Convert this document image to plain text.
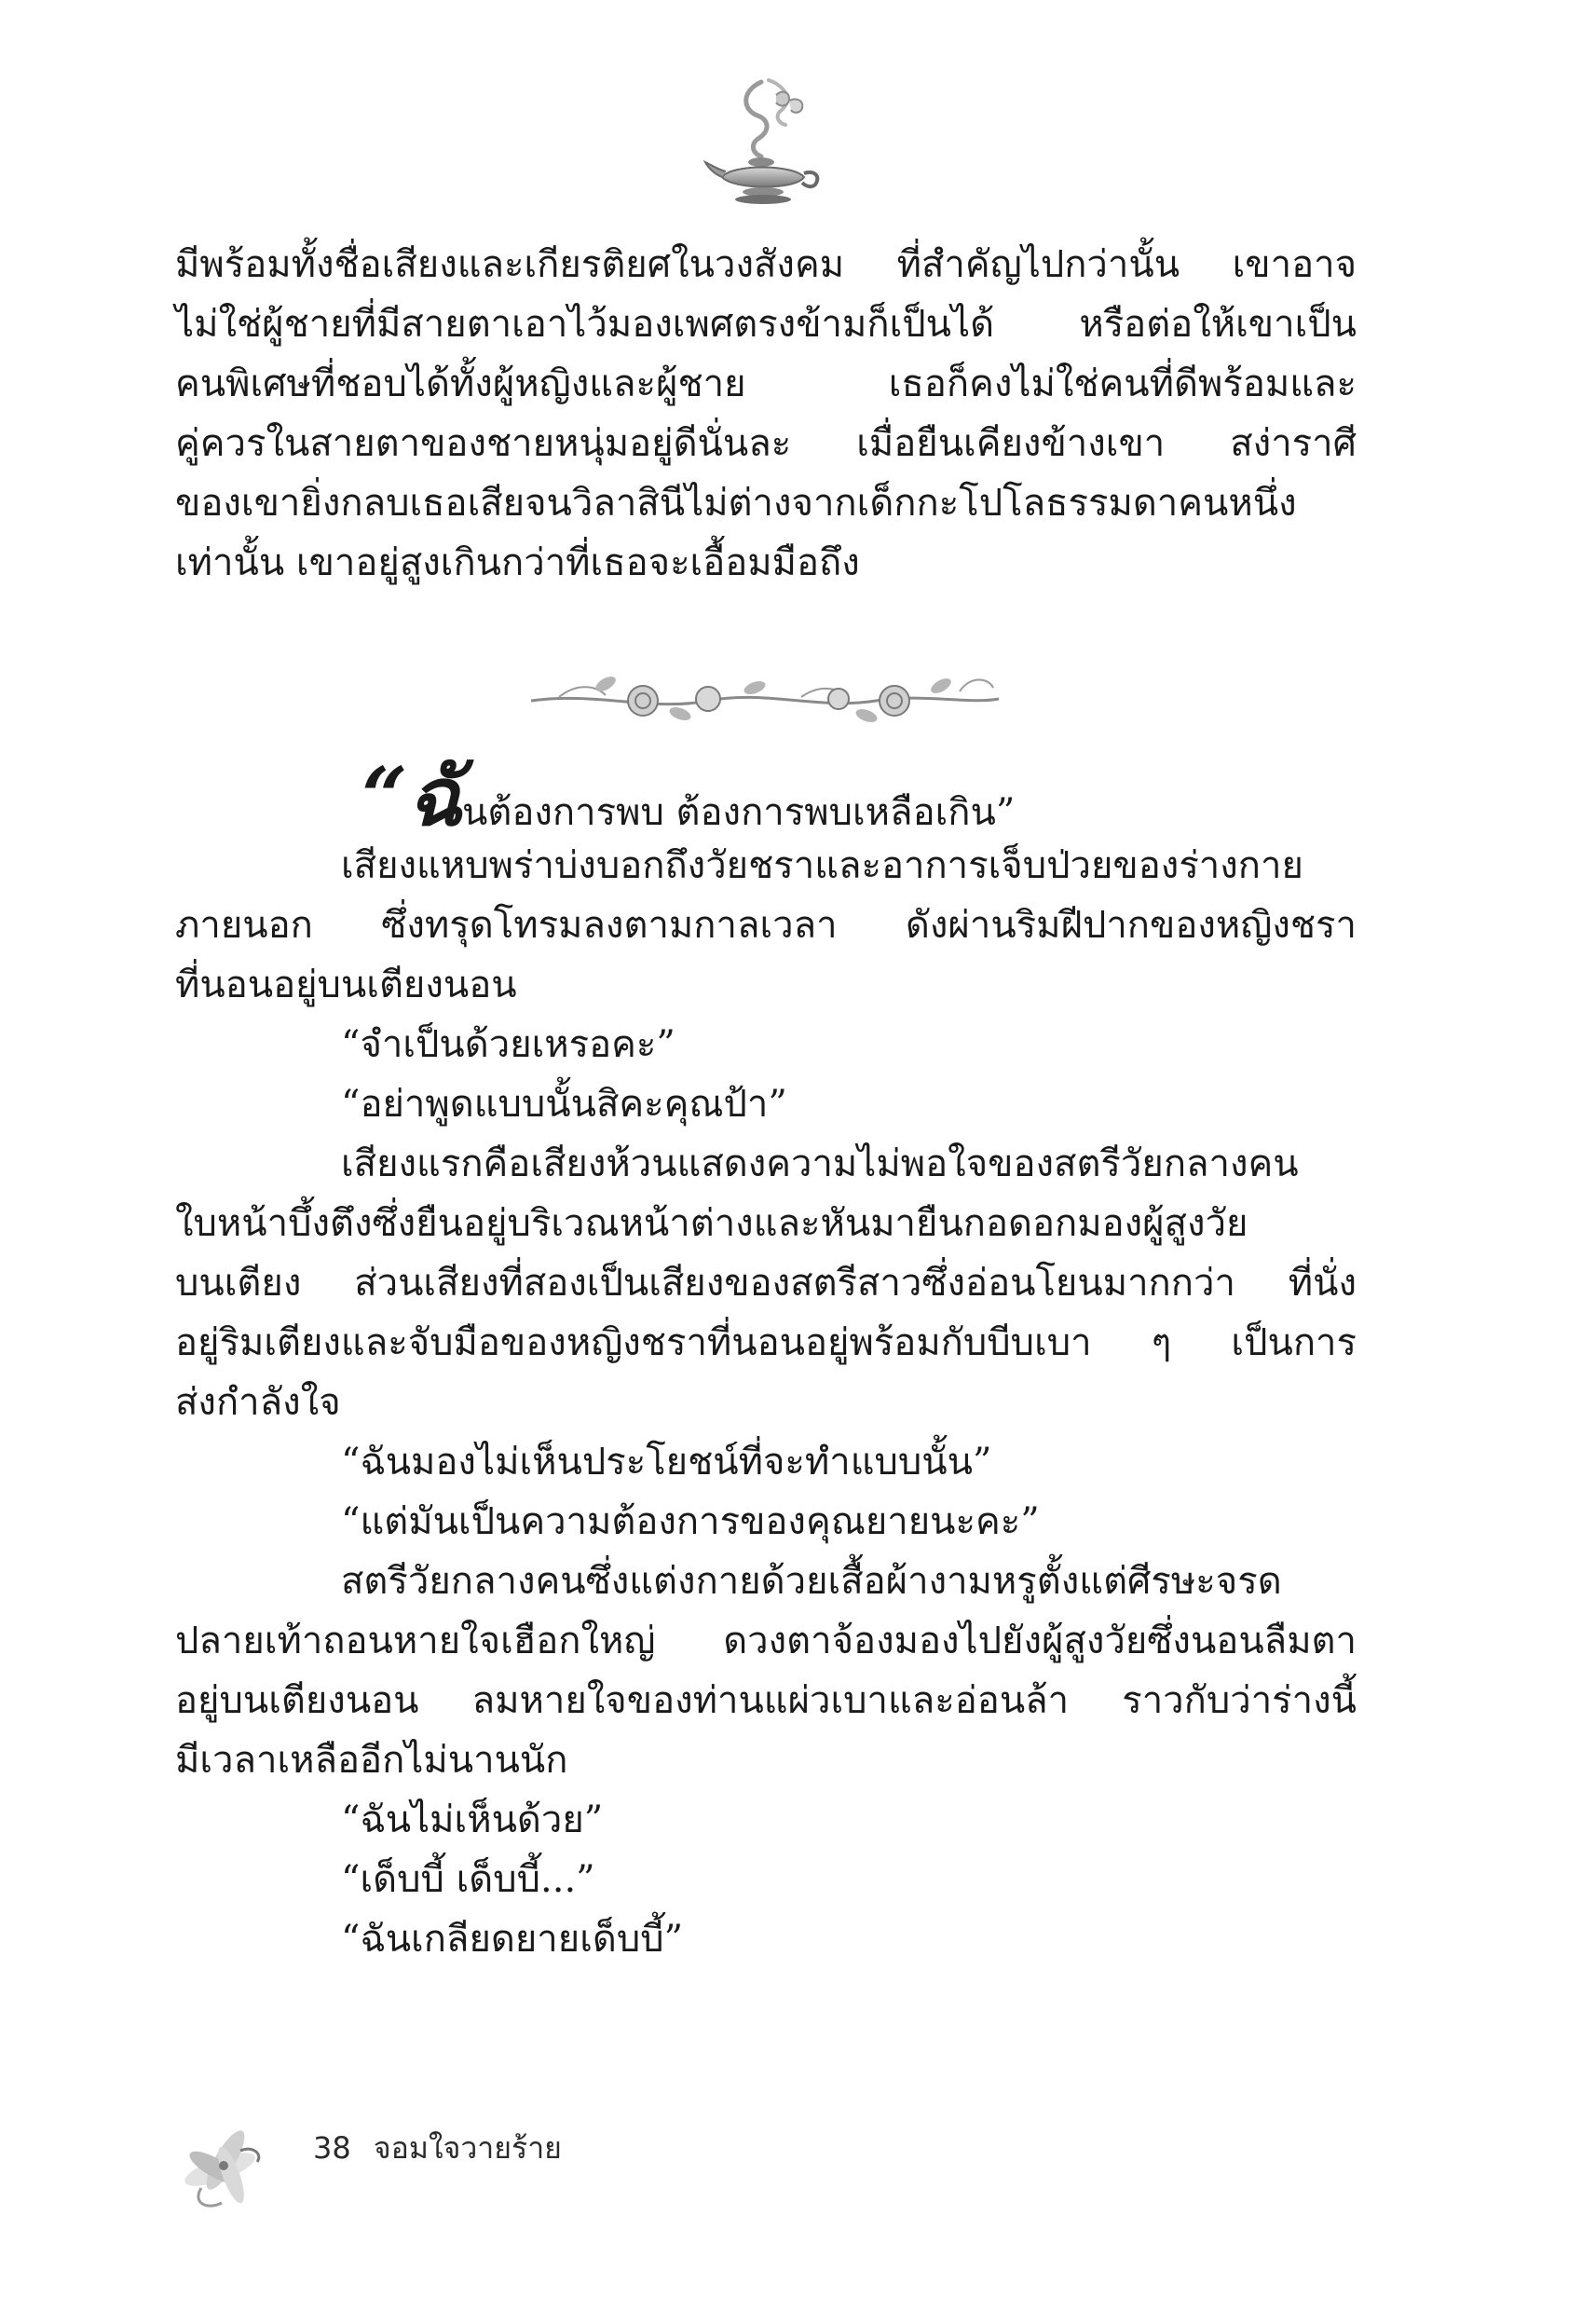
มีพร้อมทั้งชื่อเสียงและเกียรติยศในวงสังคม ที่สำคัญไปกว่านั้น เขาอาจ
ไม่ใช่ผู้ชายที่มีสายตาเอาไว้มองเพศตรงข้ามก็เป็นได้ หรือต่อให้เขาเป็น
คนพิเศษที่ชอบได้ทั้งผู้หญิงและผู้ชาย เธอก็คงไม่ใช่คนที่ดีพร้อมและ
คู่ควรในสายตาของชายหนุ่มอยู่ดีนั่นละ เมื่อยืนเคียงข้างเขา สง่าราศี
ของเขายิ่งกลบเธอเสียจนวิลาสินีไม่ต่างจากเด็กกะโปโลธรรมดาคนหนึ่ง
เท่านั้น เขาอยู่สูงเกินกว่าที่เธอจะเอื้อมมือถึง
“ฉันต้องการพบ ต้องการพบเหลือเกิน”
เสียงแหบพร่าบ่งบอกถึงวัยชราและอาการเจ็บป่วยของร่างกาย
ภายนอก ซึ่งทรุดโทรมลงตามกาลเวลา ดังผ่านริมฝีปากของหญิงชรา
ที่นอนอยู่บนเตียงนอน
“จำเป็นด้วยเหรอคะ”
“อย่าพูดแบบนั้นสิคะคุณป้า”
เสียงแรกคือเสียงห้วนแสดงความไม่พอใจของสตรีวัยกลางคน
ใบหน้าบึ้งตึงซึ่งยืนอยู่บริเวณหน้าต่างและหันมายืนกอดอกมองผู้สูงวัย
บนเตียง ส่วนเสียงที่สองเป็นเสียงของสตรีสาวซึ่งอ่อนโยนมากกว่า ที่นั่ง
อยู่ริมเตียงและจับมือของหญิงชราที่นอนอยู่พร้อมกับบีบเบา ๆ เป็นการ
ส่งกำลังใจ
“ฉันมองไม่เห็นประโยชน์ที่จะทำแบบนั้น”
“แต่มันเป็นความต้องการของคุณยายนะคะ”
สตรีวัยกลางคนซึ่งแต่งกายด้วยเสื้อผ้างามหรูตั้งแต่ศีรษะจรด
ปลายเท้าถอนหายใจเฮือกใหญ่ ดวงตาจ้องมองไปยังผู้สูงวัยซึ่งนอนลืมตา
อยู่บนเตียงนอน ลมหายใจของท่านแผ่วเบาและอ่อนล้า ราวกับว่าร่างนี้
มีเวลาเหลืออีกไม่นานนัก
“ฉันไม่เห็นด้วย”
“เด็บบี้ เด็บบี้...”
“ฉันเกลียดยายเด็บบี้”
38 จอมใจวายร้าย
